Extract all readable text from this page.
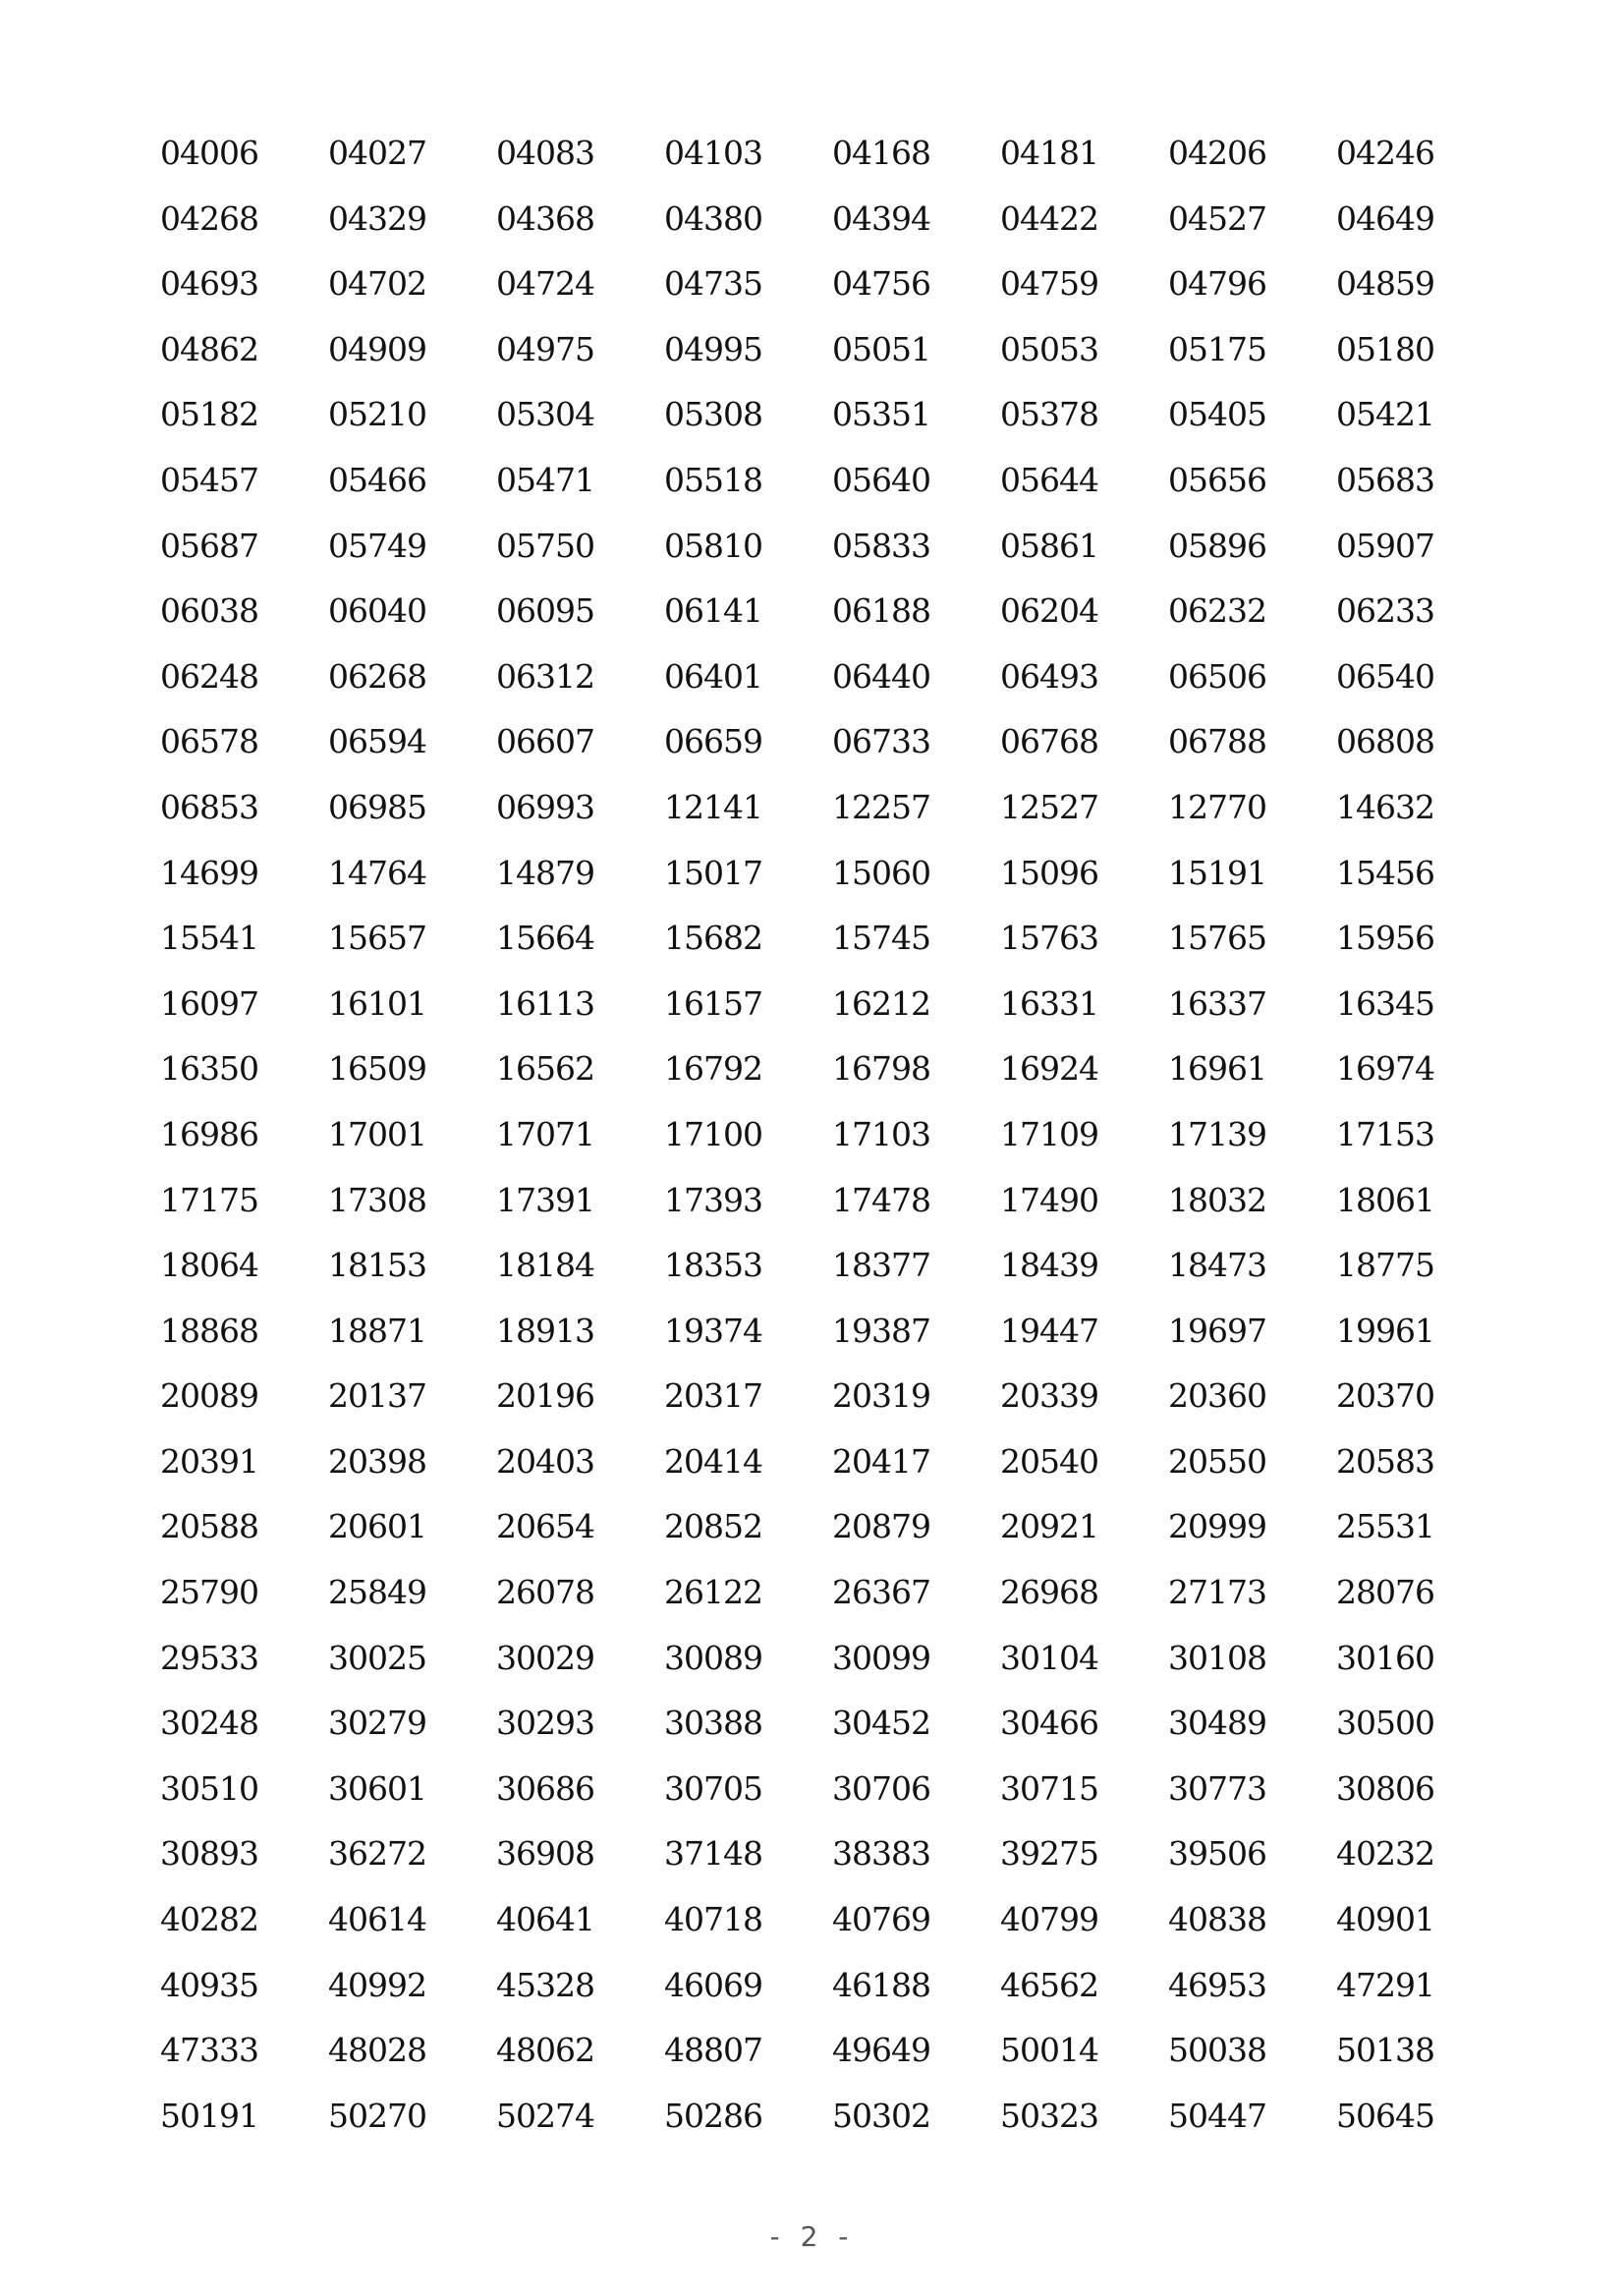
04006 04027 04083 04103 04168 04181 04206 04246
04268 04329 04368 04380 04394 04422 04527 04649
04693 04702 04724 04735 04756 04759 04796 04859
04862 04909 04975 04995 05051 05053 05175 05180
05182 05210 05304 05308 05351 05378 05405 05421
05457 05466 05471 05518 05640 05644 05656 05683
05687 05749 05750 05810 05833 05861 05896 05907
06038 06040 06095 06141 06188 06204 06232 06233
06248 06268 06312 06401 06440 06493 06506 06540
06578 06594 06607 06659 06733 06768 06788 06808
06853 06985 06993 12141 12257 12527 12770 14632
14699 14764 14879 15017 15060 15096 15191 15456
15541 15657 15664 15682 15745 15763 15765 15956
16097 16101 16113 16157 16212 16331 16337 16345
16350 16509 16562 16792 16798 16924 16961 16974
16986 17001 17071 17100 17103 17109 17139 17153
17175 17308 17391 17393 17478 17490 18032 18061
18064 18153 18184 18353 18377 18439 18473 18775
18868 18871 18913 19374 19387 19447 19697 19961
20089 20137 20196 20317 20319 20339 20360 20370
20391 20398 20403 20414 20417 20540 20550 20583
20588 20601 20654 20852 20879 20921 20999 25531
25790 25849 26078 26122 26367 26968 27173 28076
29533 30025 30029 30089 30099 30104 30108 30160
30248 30279 30293 30388 30452 30466 30489 30500
30510 30601 30686 30705 30706 30715 30773 30806
30893 36272 36908 37148 38383 39275 39506 40232
40282 40614 40641 40718 40769 40799 40838 40901
40935 40992 45328 46069 46188 46562 46953 47291
47333 48028 48062 48807 49649 50014 50038 50138
50191 50270 50274 50286 50302 50323 50447 50645
- 2 -
